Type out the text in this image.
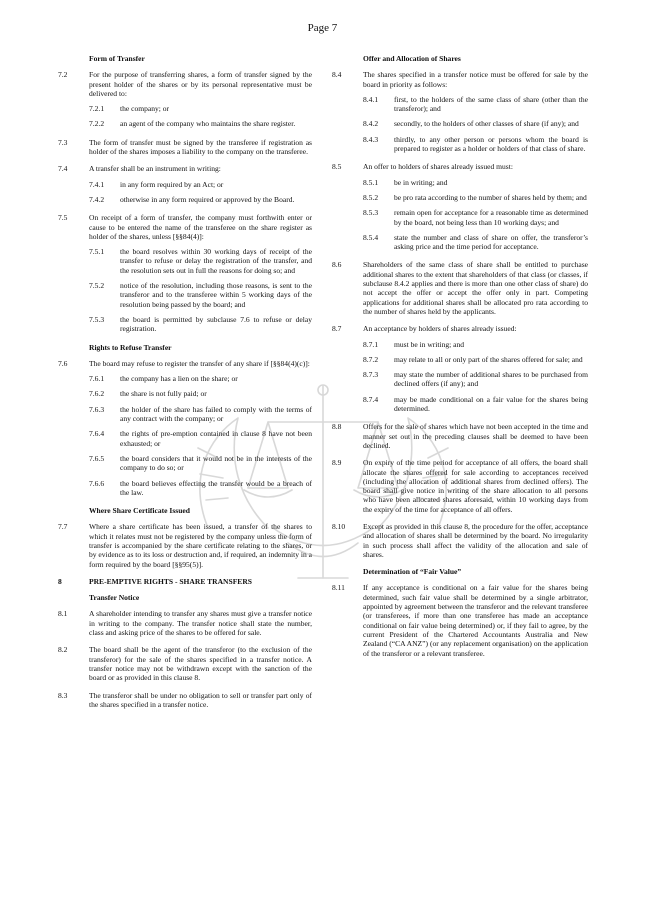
Page 7
Form of Transfer
7.2	For the purpose of transferring shares, a form of transfer signed by the present holder of the shares or by its personal representative must be delivered to:
7.2.1	the company; or
7.2.2	an agent of the company who maintains the share register.
7.3	The form of transfer must be signed by the transferee if registration as holder of the shares imposes a liability to the company on the transferee.
7.4	A transfer shall be an instrument in writing:
7.4.1	in any form required by an Act; or
7.4.2	otherwise in any form required or approved by the Board.
7.5	On receipt of a form of transfer, the company must forthwith enter or cause to be entered the name of the transferee on the share register as holder of the shares, unless [§§84(4)]:
7.5.1	the board resolves within 30 working days of receipt of the transfer to refuse or delay the registration of the transfer, and the resolution sets out in full the reasons for doing so; and
7.5.2	notice of the resolution, including those reasons, is sent to the transferor and to the transferee within 5 working days of the resolution being passed by the board; and
7.5.3	the board is permitted by subclause 7.6 to refuse or delay registration.
Rights to Refuse Transfer
7.6	The board may refuse to register the transfer of any share if [§§84(4)(c)]:
7.6.1	the company has a lien on the share; or
7.6.2	the share is not fully paid; or
7.6.3	the holder of the share has failed to comply with the terms of any contract with the company; or
7.6.4	the rights of pre-emption contained in clause 8 have not been exhausted; or
7.6.5	the board considers that it would not be in the interests of the company to do so; or
7.6.6	the board believes effecting the transfer would be a breach of the law.
Where Share Certificate Issued
7.7	Where a share certificate has been issued, a transfer of the shares to which it relates must not be registered by the company unless the form of transfer is accompanied by the share certificate relating to the shares, or by evidence as to its loss or destruction and, if required, an indemnity in a form required by the board [§§95(5)].
8	PRE-EMPTIVE RIGHTS - SHARE TRANSFERS
Transfer Notice
8.1	A shareholder intending to transfer any shares must give a transfer notice in writing to the company. The transfer notice shall state the number, class and asking price of the shares to be offered for sale.
8.2	The board shall be the agent of the transferor (to the exclusion of the transferor) for the sale of the shares specified in a transfer notice. A transfer notice may not be withdrawn except with the sanction of the board or as provided in this clause 8.
8.3	The transferor shall be under no obligation to sell or transfer part only of the shares specified in a transfer notice.
Offer and Allocation of Shares
8.4	The shares specified in a transfer notice must be offered for sale by the board in priority as follows:
8.4.1	first, to the holders of the same class of share (other than the transferor); and
8.4.2	secondly, to the holders of other classes of share (if any); and
8.4.3	thirdly, to any other person or persons whom the board is prepared to register as a holder or holders of that class of share.
8.5	An offer to holders of shares already issued must:
8.5.1	be in writing; and
8.5.2	be pro rata according to the number of shares held by them; and
8.5.3	remain open for acceptance for a reasonable time as determined by the board, not being less than 10 working days; and
8.5.4	state the number and class of share on offer, the transferor’s asking price and the time period for acceptance.
8.6	Shareholders of the same class of share shall be entitled to purchase additional shares to the extent that shareholders of that class (or classes, if subclause 8.4.2 applies and there is more than one other class of share) do not accept the offer or accept the offer only in part. Competing applications for additional shares shall be allocated pro rata according to the number of shares held by the applicants.
8.7	An acceptance by holders of shares already issued:
8.7.1	must be in writing; and
8.7.2	may relate to all or only part of the shares offered for sale; and
8.7.3	may state the number of additional shares to be purchased from declined offers (if any); and
8.7.4	may be made conditional on a fair value for the shares being determined.
8.8	Offers for the sale of shares which have not been accepted in the time and manner set out in the preceding clauses shall be deemed to have been declined.
8.9	On expiry of the time period for acceptance of all offers, the board shall allocate the shares offered for sale according to acceptances received (including the allocation of additional shares from declined offers). The board shall give notice in writing of the share allocation to all persons who have been allocated shares aforesaid, within 10 working days from the expiry of the time for acceptance of all offers.
8.10	Except as provided in this clause 8, the procedure for the offer, acceptance and allocation of shares shall be determined by the board. No irregularity in such process shall affect the validity of the allocation and sale of shares.
Determination of “Fair Value”
8.11	If any acceptance is conditional on a fair value for the shares being determined, such fair value shall be determined by a single arbitrator, appointed by agreement between the transferor and the relevant transferee (or transferees, if more than one transferee has made an acceptance conditional on fair value being determined) or, if they fail to agree, by the current President of the Chartered Accountants Australia and New Zealand (“CA ANZ”) (or any replacement organisation) on the application of the transferor or a relevant transferee.
